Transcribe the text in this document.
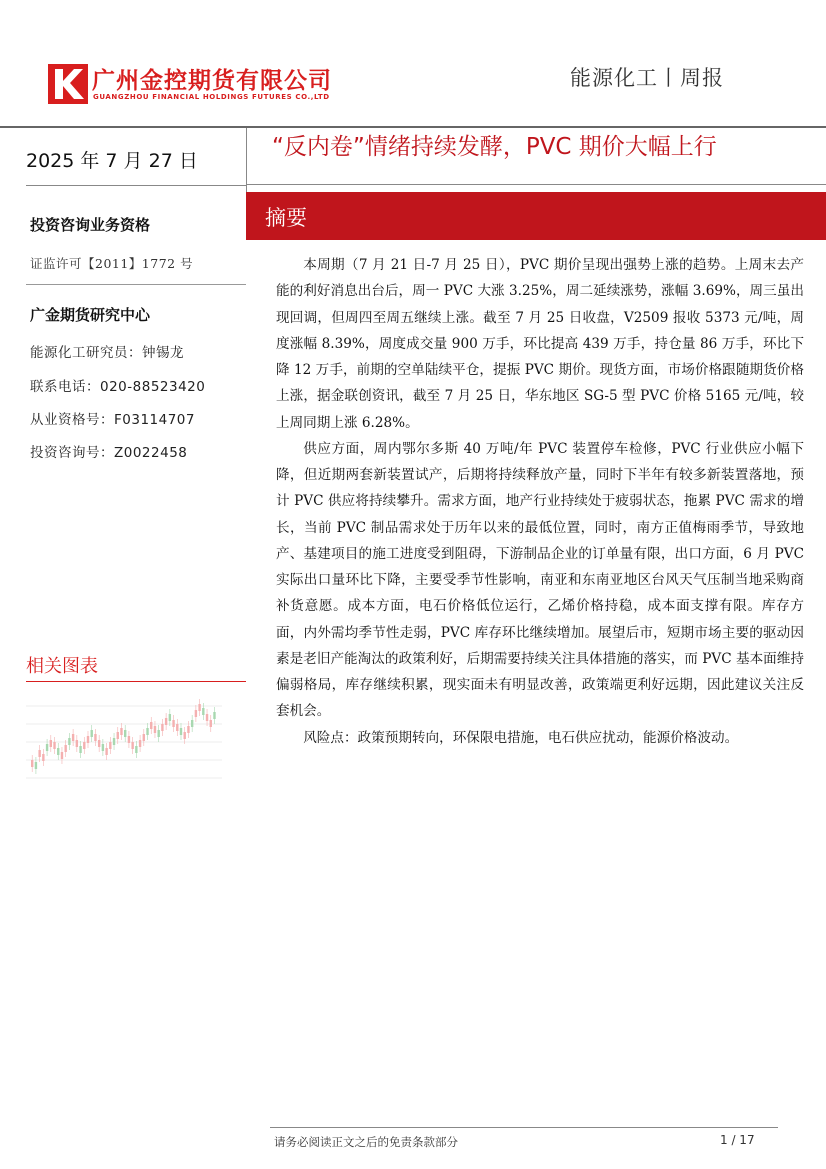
广州金控期货有限公司
GUANGZHOU FINANCIAL HOLDINGS FUTURES CO.,LTD
能源化工丨周报
2025 年 7 月 27 日
“反内卷”情绪持续发酵，PVC 期价大幅上行
摘要
投资咨询业务资格
证监许可【2011】1772 号
广金期货研究中心
能源化工研究员：钟锡龙
联系电话：020-88523420
从业资格号：F03114707
投资咨询号：Z0022458
相关图表

本周期（7 月 21 日-7 月 25 日），PVC 期价呈现出强势上涨的趋势。上周末去产能的利好消息出台后，周一 PVC 大涨 3.25%，周二延续涨势，涨幅 3.69%，周三虽出现回调，但周四至周五继续上涨。截至 7 月 25 日收盘，V2509 报收 5373 元/吨，周度涨幅 8.39%，周度成交量 900 万手，环比提高 439 万手，持仓量 86 万手，环比下降 12 万手，前期的空单陆续平仓，提振 PVC 期价。现货方面，市场价格跟随期货价格上涨，据金联创资讯，截至 7 月 25 日，华东地区 SG-5 型 PVC 价格 5165 元/吨，较上周同期上涨 6.28%。

供应方面，周内鄂尔多斯 40 万吨/年 PVC 装置停车检修，PVC 行业供应小幅下降，但近期两套新装置试产，后期将持续释放产量，同时下半年有较多新装置落地，预计 PVC 供应将持续攀升。需求方面，地产行业持续处于疲弱状态，拖累 PVC 需求的增长，当前 PVC 制品需求处于历年以来的最低位置，同时，南方正值梅雨季节，导致地产、基建项目的施工进度受到阻碍，下游制品企业的订单量有限，出口方面，6 月 PVC 实际出口量环比下降，主要受季节性影响，南亚和东南亚地区台风天气压制当地采购商补货意愿。成本方面，电石价格低位运行，乙烯价格持稳，成本面支撑有限。库存方面，内外需均季节性走弱，PVC 库存环比继续增加。展望后市，短期市场主要的驱动因素是老旧产能淘汰的政策利好，后期需要持续关注具体措施的落实，而 PVC 基本面维持偏弱格局，库存继续积累，现实面未有明显改善，政策端更利好远期，因此建议关注反套机会。

风险点：政策预期转向，环保限电措施，电石供应扰动，能源价格波动。

请务必阅读正文之后的免责条款部分	1 / 17
